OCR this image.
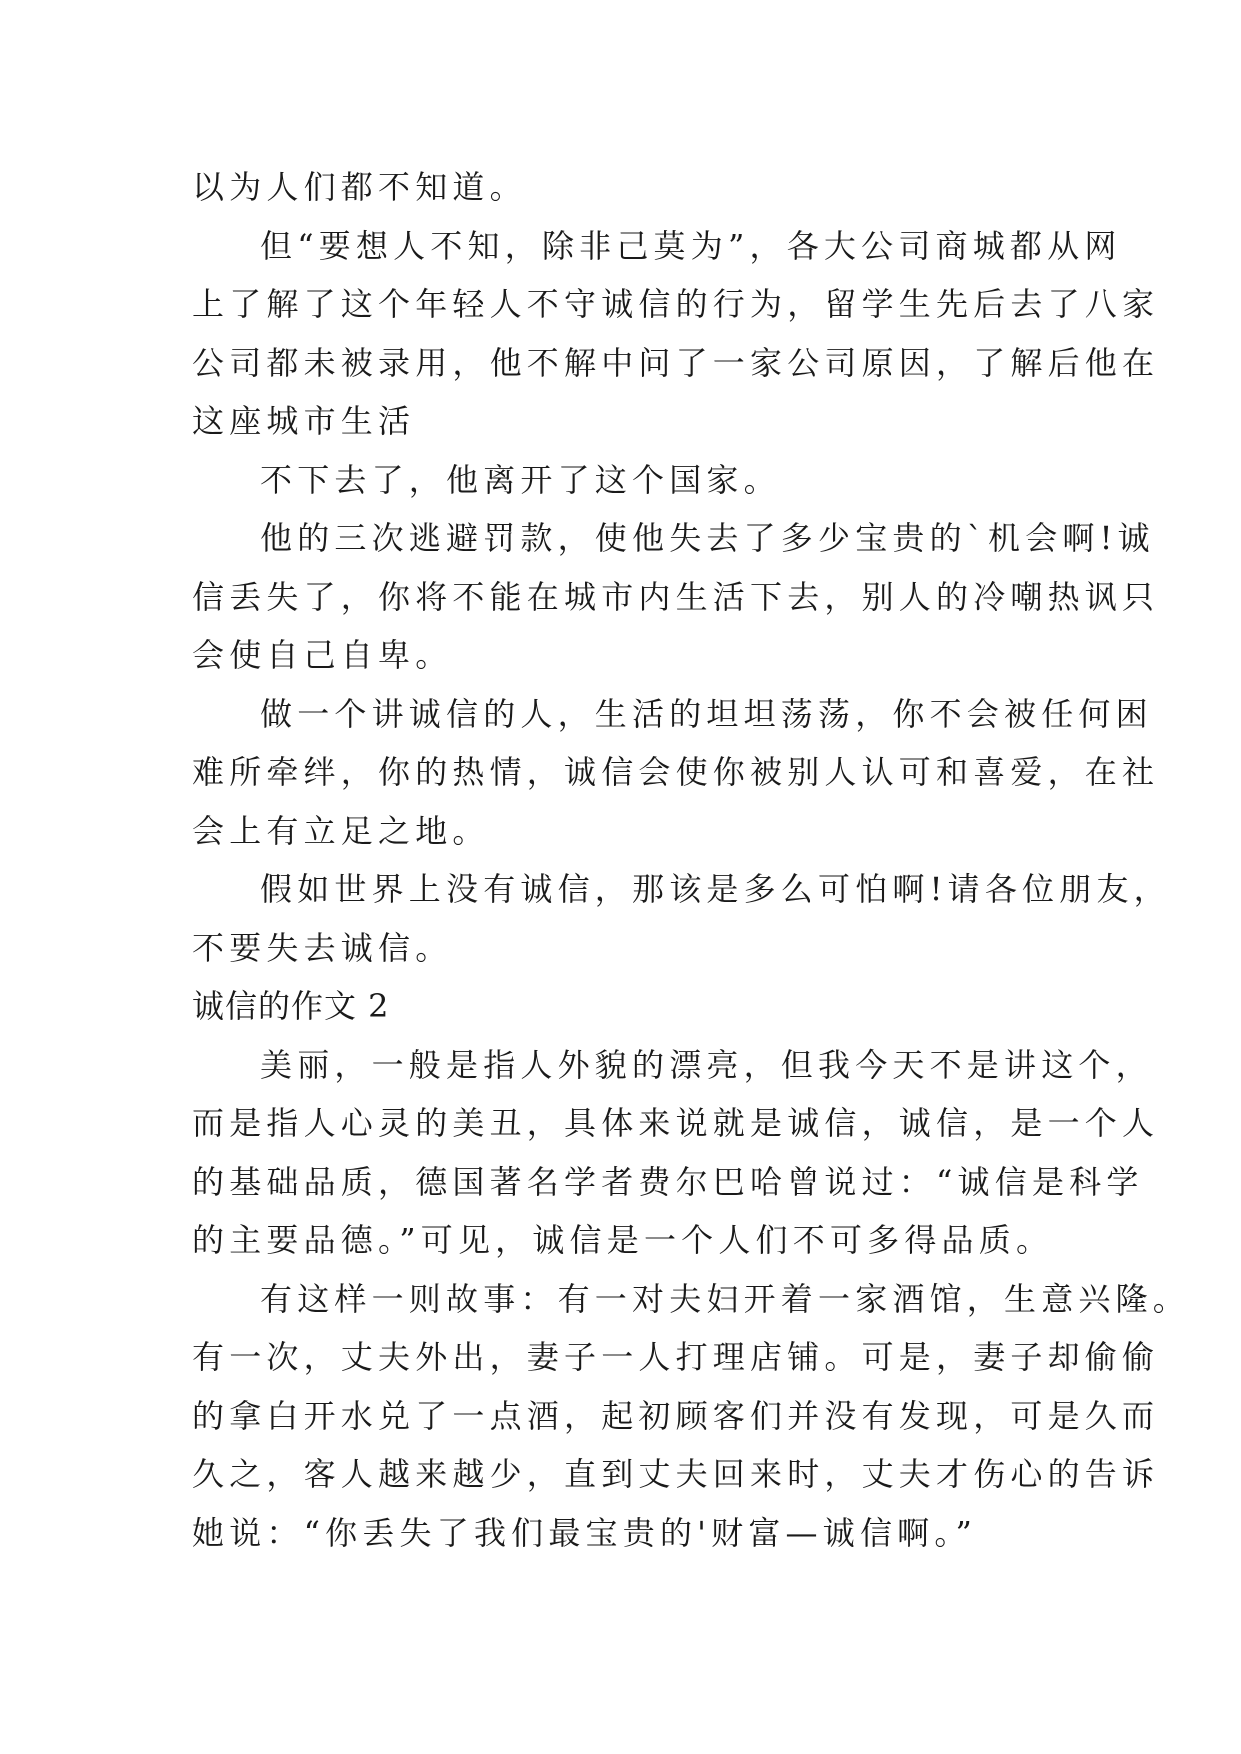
以为人们都不知道。
但“要想人不知，除非己莫为”，各大公司商城都从网
上了解了这个年轻人不守诚信的行为，留学生先后去了八家
公司都未被录用，他不解中问了一家公司原因，了解后他在
这座城市生活
不下去了，他离开了这个国家。
他的三次逃避罚款，使他失去了多少宝贵的`机会啊!诚
信丢失了，你将不能在城市内生活下去，别人的冷嘲热讽只
会使自己自卑。
做一个讲诚信的人，生活的坦坦荡荡，你不会被任何困
难所牵绊，你的热情，诚信会使你被别人认可和喜爱，在社
会上有立足之地。
假如世界上没有诚信，那该是多么可怕啊!请各位朋友，
不要失去诚信。
诚信的作文 2
美丽，一般是指人外貌的漂亮，但我今天不是讲这个，
而是指人心灵的美丑，具体来说就是诚信，诚信，是一个人
的基础品质，德国著名学者费尔巴哈曾说过：“诚信是科学
的主要品德。”可见，诚信是一个人们不可多得品质。
有这样一则故事：有一对夫妇开着一家酒馆，生意兴隆。
有一次，丈夫外出，妻子一人打理店铺。可是，妻子却偷偷
的拿白开水兑了一点酒，起初顾客们并没有发现，可是久而
久之，客人越来越少，直到丈夫回来时，丈夫才伤心的告诉
她说：“你丢失了我们最宝贵的'财富—诚信啊。”
